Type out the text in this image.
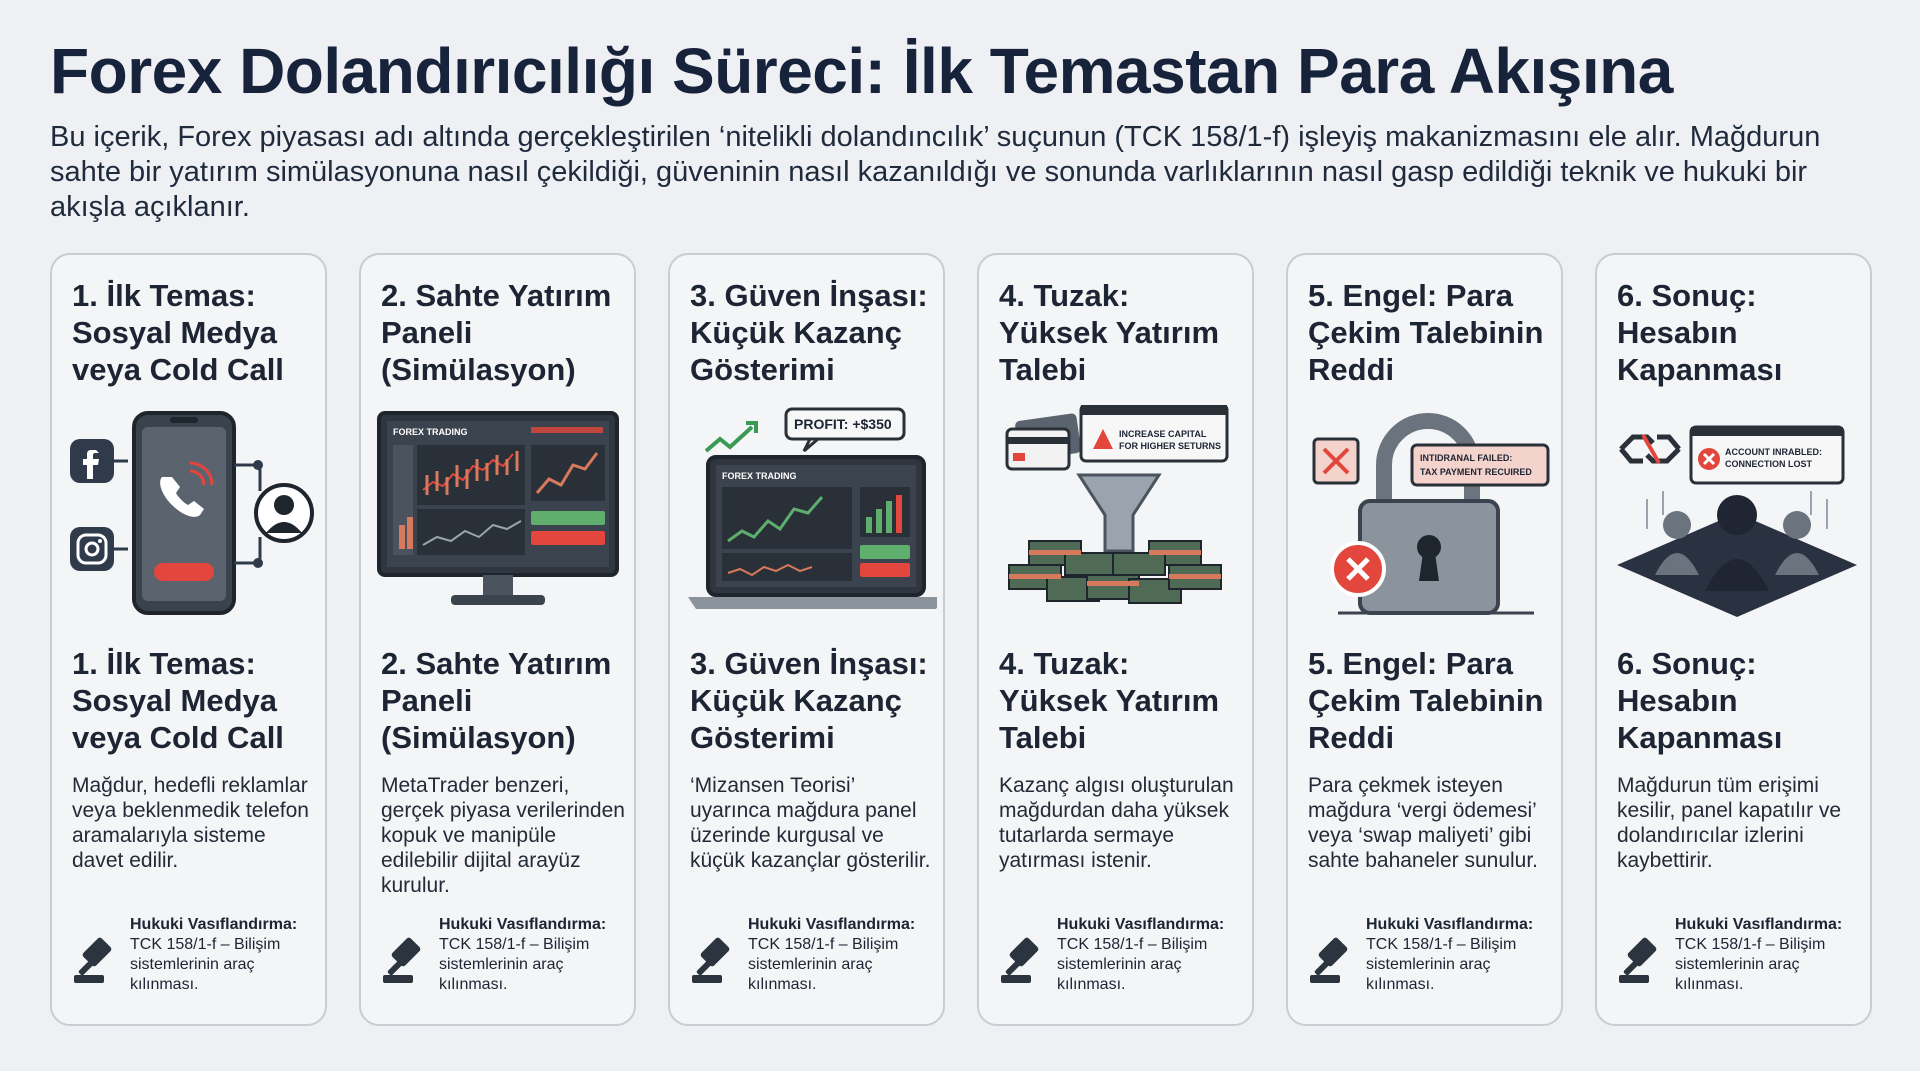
Forex Dolandırıcılığı Süreci: İlk Temastan Para Akışına
Bu içerik, Forex piyasası adı altında gerçekleştirilen ‘nitelikli dolandıncılık’ suçunun (TCK 158/1-f) işleyiş makanizmasını ele alır. Mağdurun sahte bir yatırım simülasyonuna nasıl çekildiği, güveninin nasıl kazanıldığı ve sonunda varlıklarının nasıl gasp edildiği teknik ve hukuki bir akışla açıklanır.
1. İlk Temas: Sosyal Medya veya Cold Call
1. İlk Temas: Sosyal Medya veya Cold Call
Mağdur, hedefli reklamlar veya beklenmedik telefon aramalarıyla sisteme davet edilir.
Hukuki Vasıflandırma:
TCK 158/1-f – Bilişim sistemlerinin araç kılınması.
2. Sahte Yatırım Paneli (Simülasyon)
FOREX TRADING
2. Sahte Yatırım Paneli (Simülasyon)
MetaTrader benzeri, gerçek piyasa verilerinden kopuk ve manipüle edilebilir dijital arayüz kurulur.
Hukuki Vasıflandırma:
TCK 158/1-f – Bilişim sistemlerinin araç kılınması.
3. Güven İnşası: Küçük Kazanç Gösterimi
PROFIT: +$350
FOREX TRADING
3. Güven İnşası: Küçük Kazanç Gösterimi
‘Mizansen Teorisi’ uyarınca mağdura panel üzerinde kurgusal ve küçük kazançlar gösterilir.
Hukuki Vasıflandırma:
TCK 158/1-f – Bilişim sistemlerinin araç kılınması.
4. Tuzak: Yüksek Yatırım Talebi
INCREASE CAPITAL
FOR HIGHER SETURNS
4. Tuzak: Yüksek Yatırım Talebi
Kazanç algısı oluşturulan mağdurdan daha yüksek tutarlarda sermaye yatırması istenir.
Hukuki Vasıflandırma:
TCK 158/1-f – Bilişim sistemlerinin araç kılınması.
5. Engel: Para Çekim Talebinin Reddi
INTIDRANAL FAILED:
TAX PAYMENT RECUIRED
5. Engel: Para Çekim Talebinin Reddi
Para çekmek isteyen mağdura ‘vergi ödemesi’ veya ‘swap maliyeti’ gibi sahte bahaneler sunulur.
Hukuki Vasıflandırma:
TCK 158/1-f – Bilişim sistemlerinin araç kılınması.
6. Sonuç: Hesabın Kapanması
ACCOUNT INRABLED:
CONNECTION LOST
6. Sonuç: Hesabın Kapanması
Mağdurun tüm erişimi kesilir, panel kapatılır ve dolandırıcılar izlerini kaybettirir.
Hukuki Vasıflandırma:
TCK 158/1-f – Bilişim sistemlerinin araç kılınması.
